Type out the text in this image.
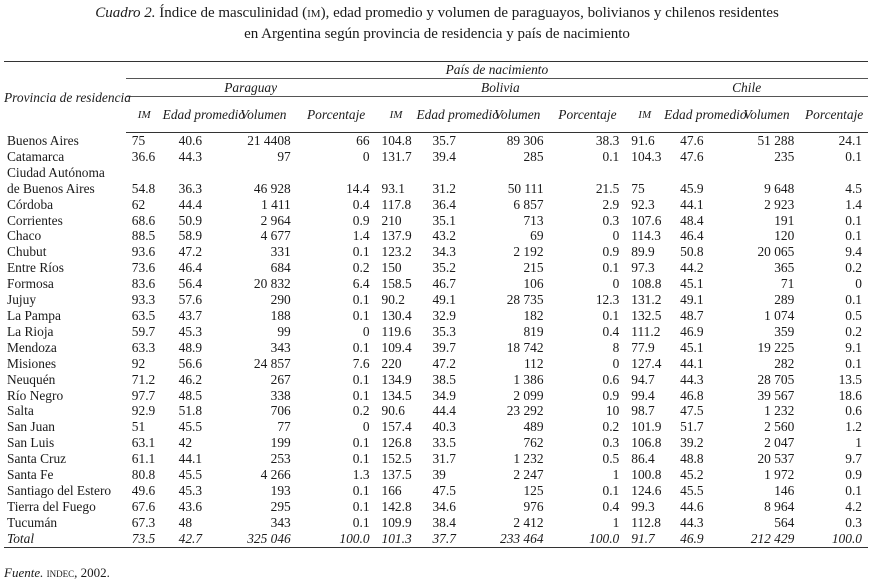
Cuadro 2. Índice de masculinidad (im), edad promedio y volumen de paraguayos, bolivianos y chilenos residentes
en Argentina según provincia de residencia y país de nacimiento
Provincia de residencia	País de nacimiento											
	Paraguay				Bolivia				Chile			
	IM	Edad promedio	Volumen	Porcentaje	IM	Edad promedio	Volumen	Porcentaje	IM	Edad promedio	Volumen	Porcentaje
Buenos Aires	75	40.6	21 4408	66	104.8	35.7	89 306	38.3	91.6	47.6	51 288	24.1
Catamarca	36.6	44.3	97	0	131.7	39.4	285	0.1	104.3	47.6	235	0.1
Ciudad Autónoma												
de Buenos Aires	54.8	36.3	46 928	14.4	93.1	31.2	50 111	21.5	75	45.9	9 648	4.5
Córdoba	62	44.4	1 411	0.4	117.8	36.4	6 857	2.9	92.3	44.1	2 923	1.4
Corrientes	68.6	50.9	2 964	0.9	210	35.1	713	0.3	107.6	48.4	191	0.1
Chaco	88.5	58.9	4 677	1.4	137.9	43.2	69	0	114.3	46.4	120	0.1
Chubut	93.6	47.2	331	0.1	123.2	34.3	2 192	0.9	89.9	50.8	20 065	9.4
Entre Ríos	73.6	46.4	684	0.2	150	35.2	215	0.1	97.3	44.2	365	0.2
Formosa	83.6	56.4	20 832	6.4	158.5	46.7	106	0	108.8	45.1	71	0
Jujuy	93.3	57.6	290	0.1	90.2	49.1	28 735	12.3	131.2	49.1	289	0.1
La Pampa	63.5	43.7	188	0.1	130.4	32.9	182	0.1	132.5	48.7	1 074	0.5
La Rioja	59.7	45.3	99	0	119.6	35.3	819	0.4	111.2	46.9	359	0.2
Mendoza	63.3	48.9	343	0.1	109.4	39.7	18 742	8	77.9	45.1	19 225	9.1
Misiones	92	56.6	24 857	7.6	220	47.2	112	0	127.4	44.1	282	0.1
Neuquén	71.2	46.2	267	0.1	134.9	38.5	1 386	0.6	94.7	44.3	28 705	13.5
Río Negro	97.7	48.5	338	0.1	134.5	34.9	2 099	0.9	99.4	46.8	39 567	18.6
Salta	92.9	51.8	706	0.2	90.6	44.4	23 292	10	98.7	47.5	1 232	0.6
San Juan	51	45.5	77	0	157.4	40.3	489	0.2	101.9	51.7	2 560	1.2
San Luis	63.1	42	199	0.1	126.8	33.5	762	0.3	106.8	39.2	2 047	1
Santa Cruz	61.1	44.1	253	0.1	152.5	31.7	1 232	0.5	86.4	48.8	20 537	9.7
Santa Fe	80.8	45.5	4 266	1.3	137.5	39	2 247	1	100.8	45.2	1 972	0.9
Santiago del Estero	49.6	45.3	193	0.1	166	47.5	125	0.1	124.6	45.5	146	0.1
Tierra del Fuego	67.6	43.6	295	0.1	142.8	34.6	976	0.4	99.3	44.6	8 964	4.2
Tucumán	67.3	48	343	0.1	109.9	38.4	2 412	1	112.8	44.3	564	0.3
Total	73.5	42.7	325 046	100.0	101.3	37.7	233 464	100.0	91.7	46.9	212 429	100.0
Fuente. indec, 2002.
